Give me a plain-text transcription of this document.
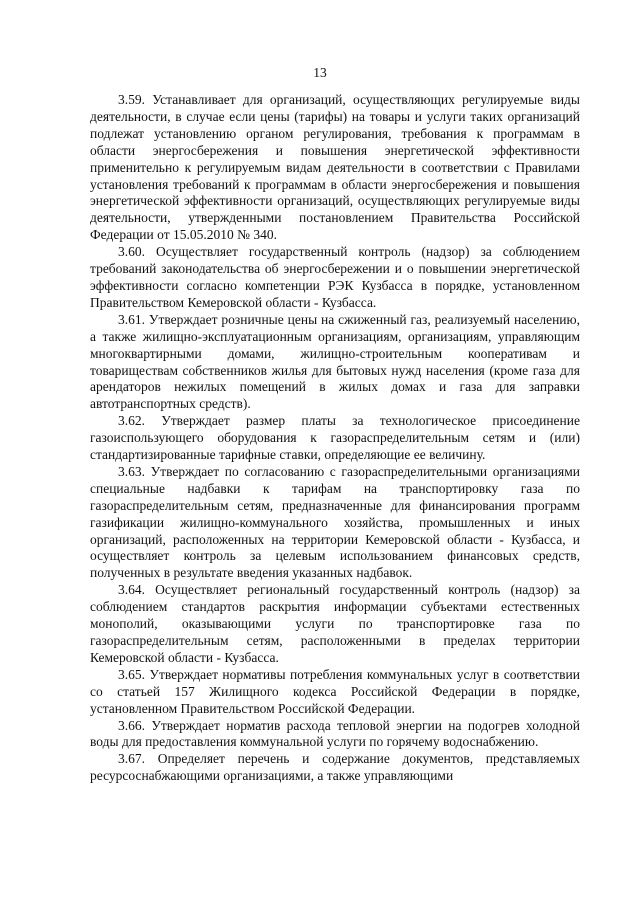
13

3.59. Устанавливает для организаций, осуществляющих регулируемые виды деятельности, в случае если цены (тарифы) на товары и услуги таких организаций подлежат установлению органом регулирования, требования к программам в области энергосбережения и повышения энергетической эффективности применительно к регулируемым видам деятельности в соответствии с Правилами установления требований к программам в области энергосбережения и повышения энергетической эффективности организаций, осуществляющих регулируемые виды деятельности, утвержденными постановлением Правительства Российской Федерации от 15.05.2010 № 340.

3.60. Осуществляет государственный контроль (надзор) за соблюдением требований законодательства об энергосбережении и о повышении энергетической эффективности согласно компетенции РЭК Кузбасса в порядке, установленном Правительством Кемеровской области - Кузбасса.

3.61. Утверждает розничные цены на сжиженный газ, реализуемый населению, а также жилищно-эксплуатационным организациям, организациям, управляющим многоквартирными домами, жилищно-строительным кооперативам и товариществам собственников жилья для бытовых нужд населения (кроме газа для арендаторов нежилых помещений в жилых домах и газа для заправки автотранспортных средств).

3.62. Утверждает размер платы за технологическое присоединение газоиспользующего оборудования к газораспределительным сетям и (или) стандартизированные тарифные ставки, определяющие ее величину.

3.63. Утверждает по согласованию с газораспределительными организациями специальные надбавки к тарифам на транспортировку газа по газораспределительным сетям, предназначенные для финансирования программ газификации жилищно-коммунального хозяйства, промышленных и иных организаций, расположенных на территории Кемеровской области - Кузбасса, и осуществляет контроль за целевым использованием финансовых средств, полученных в результате введения указанных надбавок.

3.64. Осуществляет региональный государственный контроль (надзор) за соблюдением стандартов раскрытия информации субъектами естественных монополий, оказывающими услуги по транспортировке газа по газораспределительным сетям, расположенными в пределах территории Кемеровской области - Кузбасса.

3.65. Утверждает нормативы потребления коммунальных услуг в соответствии со статьей 157 Жилищного кодекса Российской Федерации в порядке, установленном Правительством Российской Федерации.

3.66. Утверждает норматив расхода тепловой энергии на подогрев холодной воды для предоставления коммунальной услуги по горячему водоснабжению.

3.67. Определяет перечень и содержание документов, представляемых ресурсоснабжающими организациями, а также управляющими
